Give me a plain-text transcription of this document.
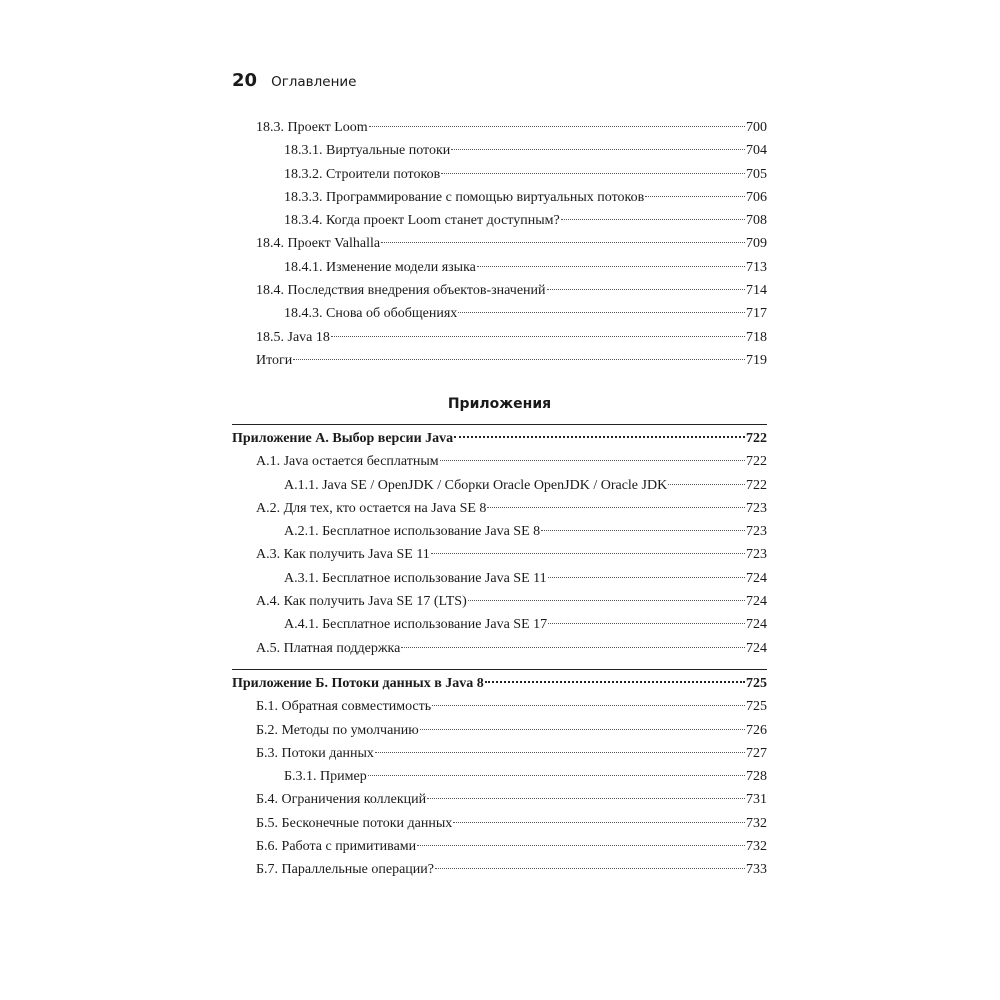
20 Оглавление
18.3. Проект Loom	700
18.3.1. Виртуальные потоки	704
18.3.2. Строители потоков	705
18.3.3. Программирование с помощью виртуальных потоков	706
18.3.4. Когда проект Loom станет доступным?	708
18.4. Проект Valhalla	709
18.4.1. Изменение модели языка	713
18.4. Последствия внедрения объектов-значений	714
18.4.3. Снова об обобщениях	717
18.5. Java 18	718
Итоги	719
Приложения
Приложение А. Выбор версии Java	722
А.1. Java остается бесплатным	722
А.1.1. Java SE / OpenJDK / Сборки Oracle OpenJDK / Oracle JDK	722
А.2. Для тех, кто остается на Java SE 8	723
А.2.1. Бесплатное использование Java SE 8	723
А.3. Как получить Java SE 11	723
А.3.1. Бесплатное использование Java SE 11	724
А.4. Как получить Java SE 17 (LTS)	724
А.4.1. Бесплатное использование Java SE 17	724
А.5. Платная поддержка	724
Приложение Б. Потоки данных в Java 8	725
Б.1. Обратная совместимость	725
Б.2. Методы по умолчанию	726
Б.3. Потоки данных	727
Б.3.1. Пример	728
Б.4. Ограничения коллекций	731
Б.5. Бесконечные потоки данных	732
Б.6. Работа с примитивами	732
Б.7. Параллельные операции?	733
